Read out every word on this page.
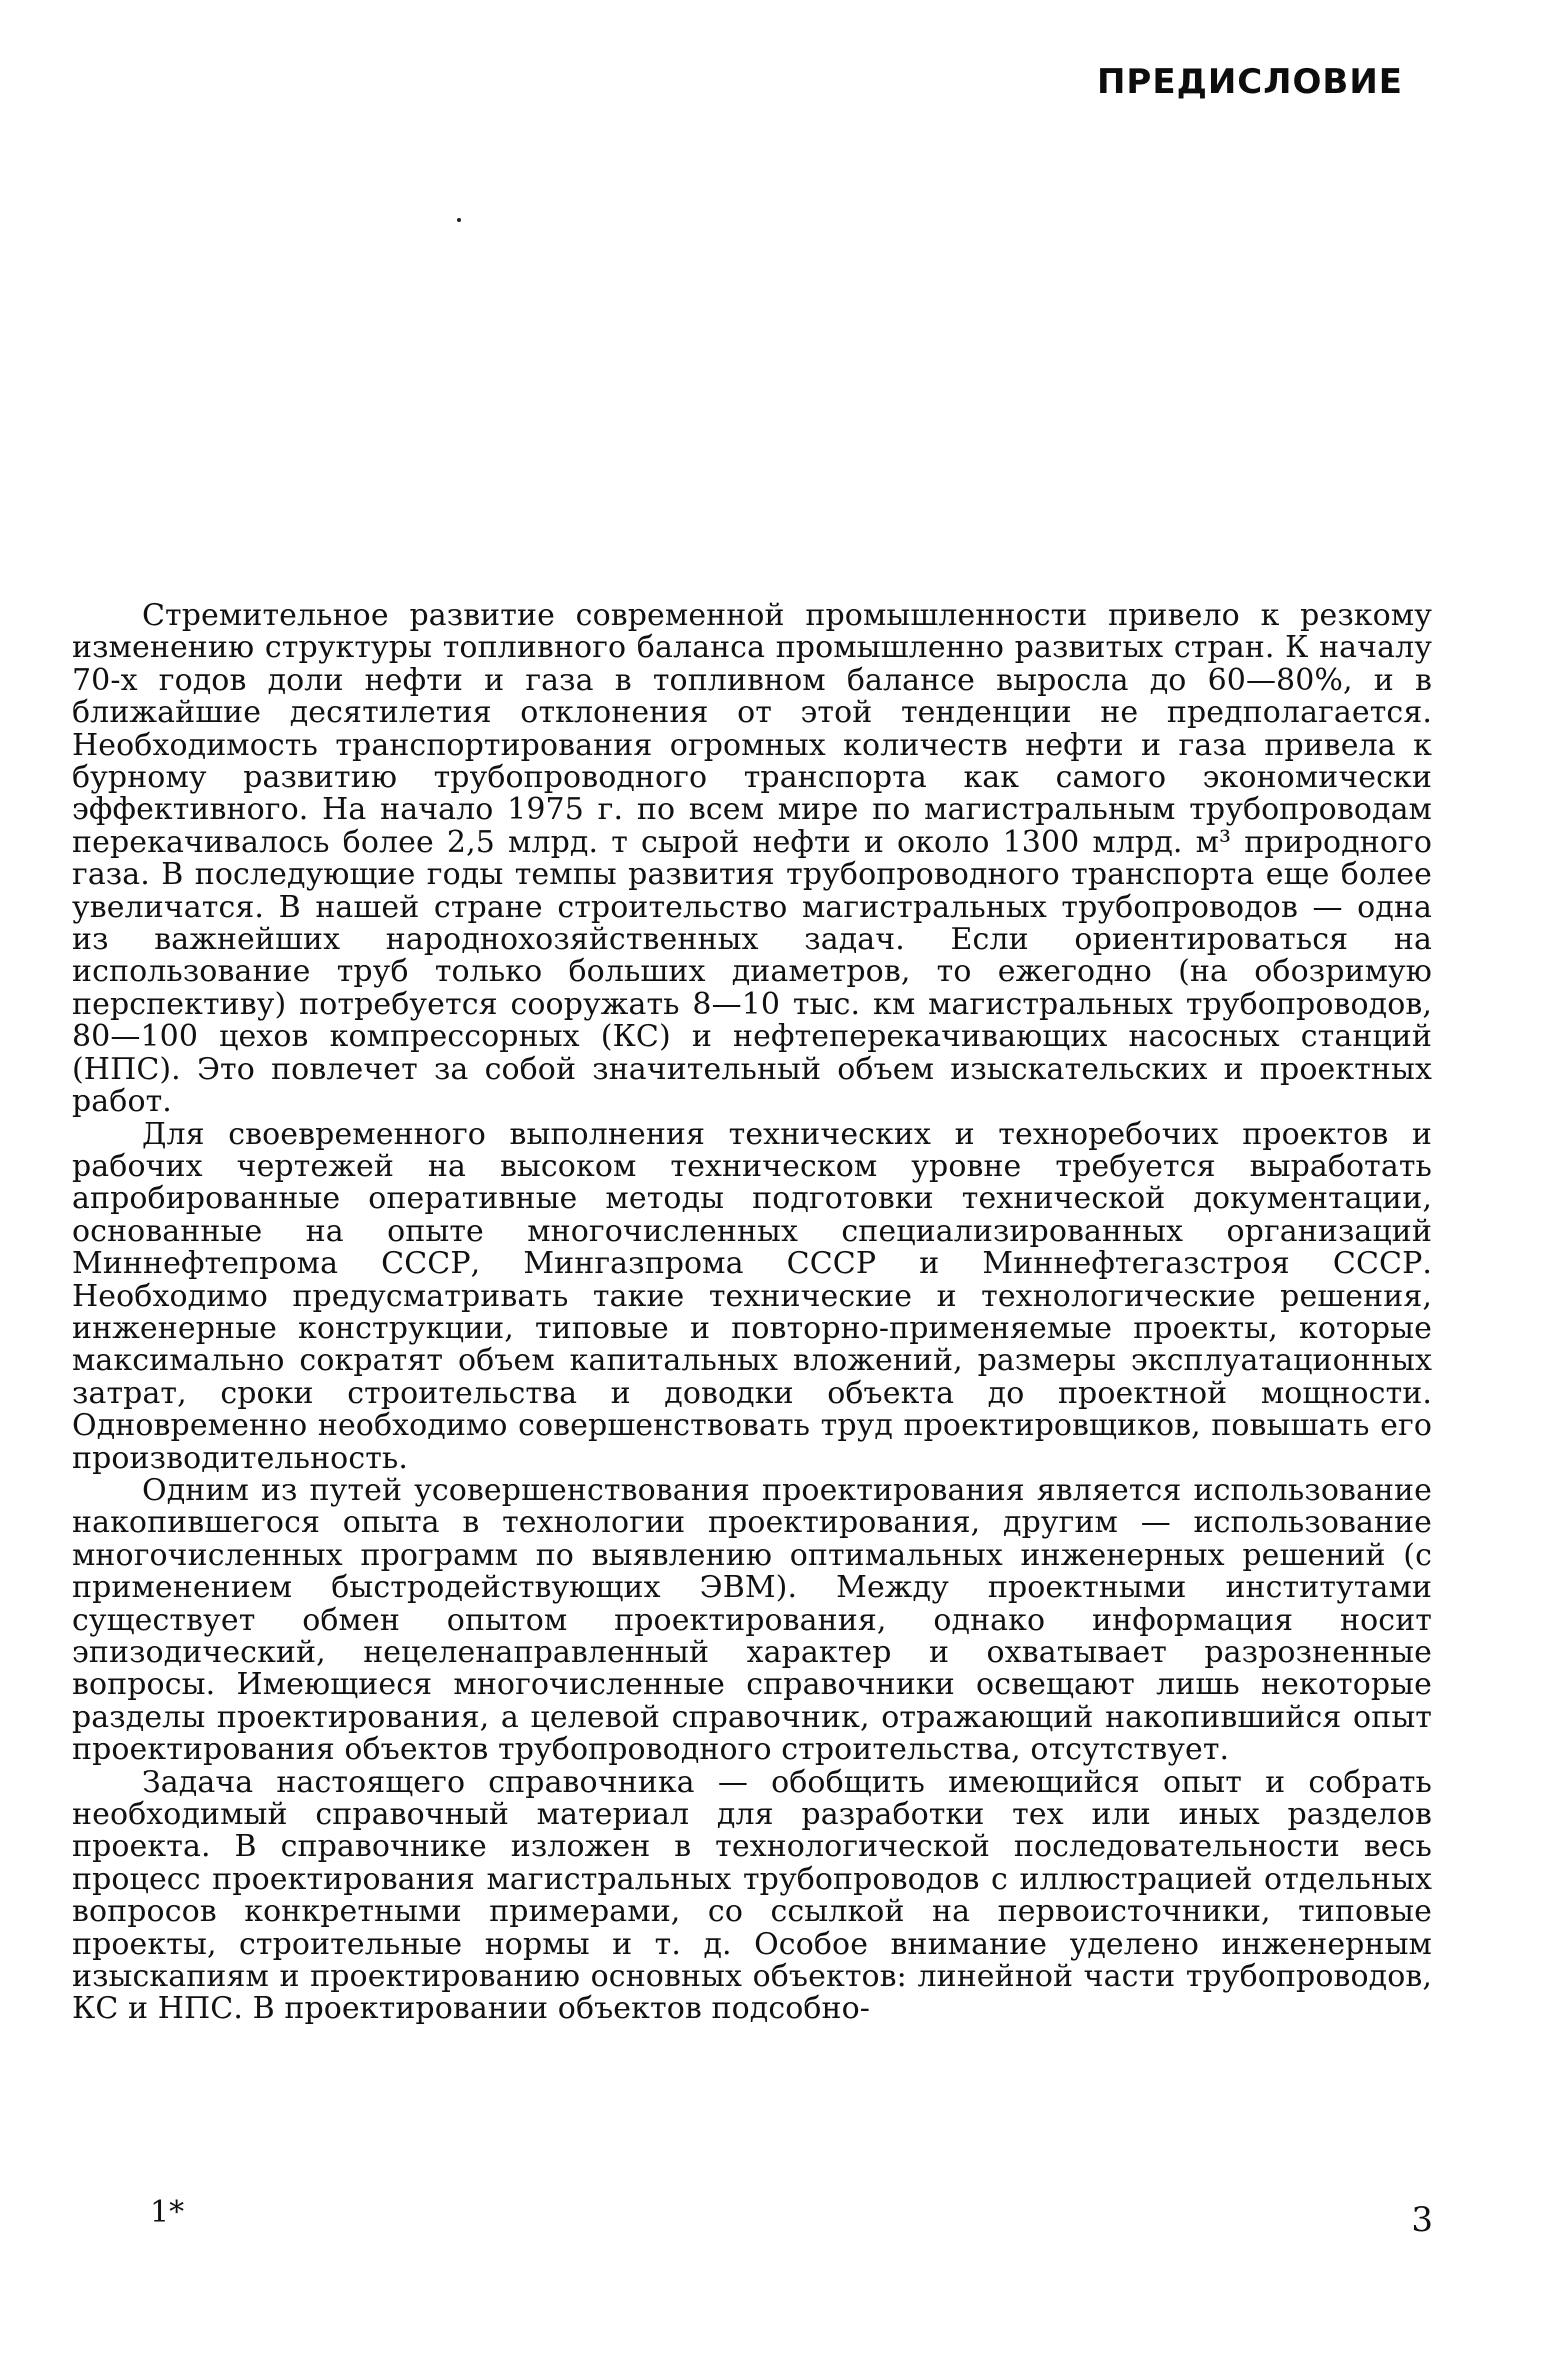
ПРЕДИСЛОВИЕ

Стремительное развитие современной промышленности привело к резкому изменению структуры топливного баланса промышленно развитых стран. К началу 70-х годов доли нефти и газа в топливном балансе выросла до 60—80%, и в ближайшие десятилетия отклонения от этой тенденции не предполагается. Необходимость транспортирования огромных количеств нефти и газа привела к бурному развитию трубопроводного транспорта как самого экономически эффективного. На начало 1975 г. по всем мире по магистральным трубопроводам перекачивалось более 2,5 млрд. т сырой нефти и около 1300 млрд. м³ природного газа. В последующие годы темпы развития трубопроводного транспорта еще более увеличатся. В нашей стране строительство магистральных трубопроводов — одна из важнейших народнохозяйственных задач. Если ориентироваться на использование труб только больших диаметров, то ежегодно (на обозримую перспективу) потребуется сооружать 8—10 тыс. км магистральных трубопроводов, 80—100 цехов компрессорных (КС) и нефтеперекачивающих насосных станций (НПС). Это повлечет за собой значительный объем изыскательских и проектных работ.

Для своевременного выполнения технических и техноребочих проектов и рабочих чертежей на высоком техническом уровне требуется выработать апробированные оперативные методы подготовки технической документации, основанные на опыте многочисленных специализированных организаций Миннефтепрома СССР, Мингазпрома СССР и Миннефтегазстроя СССР. Необходимо предусматривать такие технические и технологические решения, инженерные конструкции, типовые и повторно-применяемые проекты, которые максимально сократят объем капитальных вложений, размеры эксплуатационных затрат, сроки строительства и доводки объекта до проектной мощности. Одновременно необходимо совершенствовать труд проектировщиков, повышать его производительность.

Одним из путей усовершенствования проектирования является использование накопившегося опыта в технологии проектирования, другим — использование многочисленных программ по выявлению оптимальных инженерных решений (с применением быстродействующих ЭВМ). Между проектными институтами существует обмен опытом проектирования, однако информация носит эпизодический, нецеленаправленный характер и охватывает разрозненные вопросы. Имеющиеся многочисленные справочники освещают лишь некоторые разделы проектирования, а целевой справочник, отражающий накопившийся опыт проектирования объектов трубопроводного строительства, отсутствует.

Задача настоящего справочника — обобщить имеющийся опыт и собрать необходимый справочный материал для разработки тех или иных разделов проекта. В справочнике изложен в технологической последовательности весь процесс проектирования магистральных трубопроводов с иллюстрацией отдельных вопросов конкретными примерами, со ссылкой на первоисточники, типовые проекты, строительные нормы и т. д. Особое внимание уделено инженерным изыскапиям и проектированию основных объектов: линейной части трубопроводов, КС и НПС. В проектировании объектов подсобно-

1*	3
